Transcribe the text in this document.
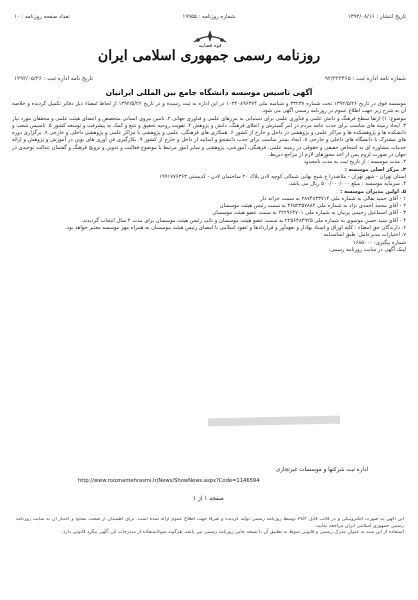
تاریخ انتشار : ۱۳۹۲/۰۸/۱۶
شماره روزنامه : ۱۹۹۵۵
تعداد صفحه روزنامه : ۱۰
قوه قضاییه
روزنامه رسمی جمهوری اسلامی ایران
شماره نامه اداره ثبت : ۹۲/۳۲۳۴۶۵
تاریخ نامه اداره ثبت : ۱۳۹۲/۰۵/۲۶
آگهی تاسیس موسسه دانشگاه جامع بین المللی ایرانیان

موسسه فوق در تاریخ ۱۳۹۲/۵/۲۶ تحت شماره ۳۳۲۳۷ و شناسه ملی ۱۰۳۲۰۸۹۶۳۷۴ در این اداره به ثبت رسیده و در تاریخ ۱۳۹۲/۵/۲۶ از لحاظ امضاء ذیل دفاتر تکمیل گردیده و خلاصه آن به شرح زیر جهت اطلاع عموم در روزنامه رسمی آگهی می شود.

موضوع: ۱) ارتقا سطح فرهنگ و دانش علمی و فناوری علمی برای دستیابی به مرزهای علمی و فناوری جهانی ۲. تامین نیروی انسانی متخصص و اعضای هیئت علمی و محققان مورد نیاز ۳. ایجاد زمینه های مناسب برای جذب عامه مردم در امر گسترش و اعتلای فرهنگ، دانش و پژوهش ۴. تقویت روحیه تحقیق و تتبع و کمک به پیشرفت و توسعه کشور ۵. تاسیس شعب و دانشکده ها و پژوهشکده ها و مراکز علمی و پژوهشی در داخل و خارج از کشور ۶. همکاری های فرهنگی، علمی و پژوهشی با مراکز علمی و پژوهشی داخلی و خارجی ۷. برگزاری دوره های مشترک با دانشگاه های داخلی و خارجی ۸. ایجاد بستر مناسب برای جذب دانشجو و اساتید از داخل و خارج از کشور ۹. بکارگیری فن آوری های نوین در آموزش و پژوهش و ارائه خدمات مشاوره ای به اشخاص حقیقی و حقوقی در زمینه علمی، فرهنگی، آموزشی، پژوهشی و سایر امور مرتبط با موضوع فعالیت و تدوین و ترویج فرهنگ و گفتمان عدالت توحیدی در جهان در صورت لزوم پس از اخذ مجوزهای لازم از مراجع ذیربط.

۲. مدت موسسه : از تاریخ ثبت به مدت نامحدود

۳. مرکز اصلی موسسه :

استان تهران - شهر تهران - ملاصدرا خ شیخ بهایی شمالی کوچه لادن پلاک ۲۰ ساختمان لادن - کدپستی ۱۹۹۱۷۷۶۳۶۳

۴. سرمایه موسسه : مبلغ ۵۰۰/۰۰۰/۰۰۰ ریال می باشد.

۵. اولین مدیران موسسه :

۱ - آقای حمید بقالی به شماره ملی ۲۸۷۴۸۳۳۷۱۴ به سمت خزانه دار

۲ - آقای محمد احمدی نژاد به شماره ملی ۳۶۵۲۳۵۷۸۸۲ به سمت رئیس هیئت موسسان

۳ - آقای اسماعیل رحیمی پرنیان به شماره ملی ۲۲۲۹۶۴۷۰۱ به سمت عضو هیئت موسسان

۴ - آقای سید حسن موسوی به شماره ملی ۲۲۵۶۴۸۴۹۲۵ به سمت عضو هیئت موسسان و نائب رئیس هیئت موسسان برای مدت ۴ سال انتخاب گردیدند.

۶. دارندگان حق امضاء : کلیه اوراق و اسناد بهادار و تعهدآور و قراردادها و عقود اسلامی با امضای رئیس هیئت موسسان به همراه مهر موسسه معتبر خواهد بود.

۷. اختیارات مدیرعامل: طبق اساسنامه

شماره پیگیری: ۱۶۸۵۰۰۰

لینک آگهی در سایت روزنامه رسمی:

اداره ثبت شرکتها و موسسات غیرتجاری
http://www.rooznamehrasmi.ir/News/ShowNews.aspx?Code=1146594
صفحه ۱ از ۱

این آگهی به صورت الکترونیکی و در قالب فایل PDF توسط روزنامه رسمی تولید گردیده و صرفا جهت اطلاع عموم ارائه شده است. برای اطمینان از صحت محتوا و اعتبار آن به سایت روزنامه رسمی جمهوری اسلامی ایران مراجعه نمایید.

استفاده از این سند به عنوان مدرک رسمی و قانونی منوط به تطبیق آن با نسخه چاپی روزنامه رسمی می باشد. هرگونه سوءاستفاده از مندرجات این آگهی پیگرد قانونی دارد.
